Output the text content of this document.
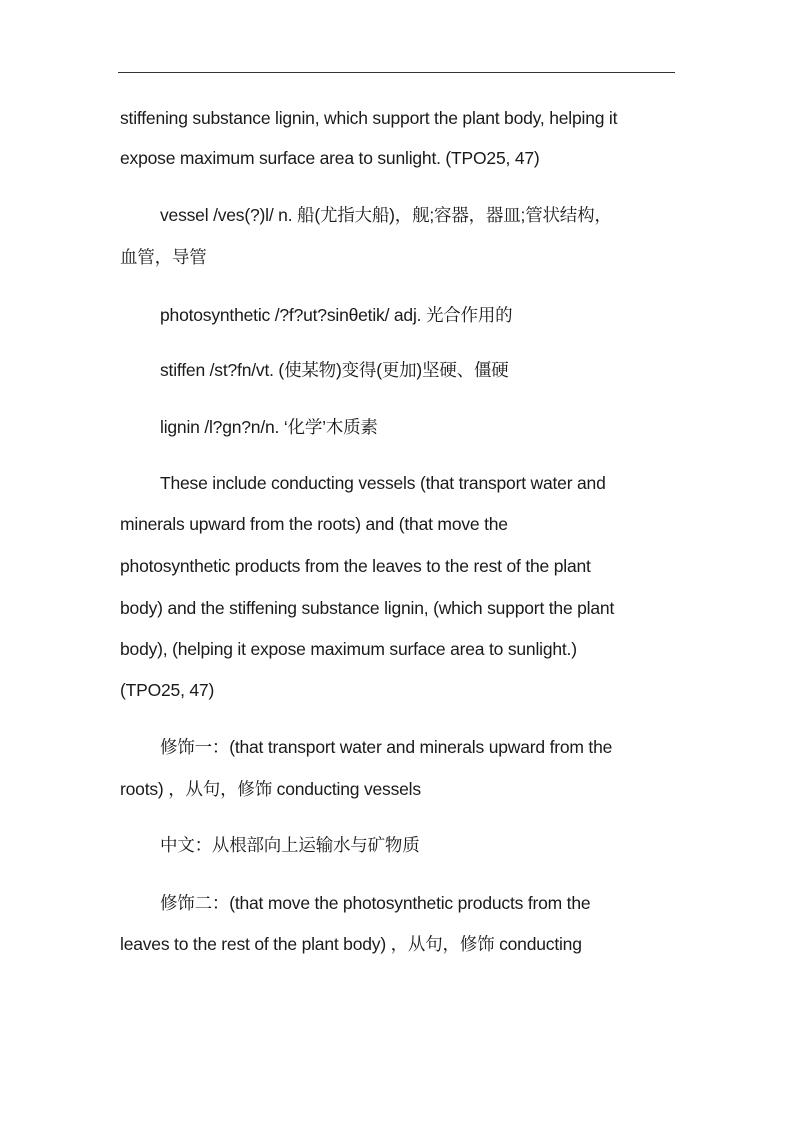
stiffening substance lignin, which support the plant body, helping it
expose maximum surface area to sunlight. (TPO25, 47)
vessel /ves(?)l/ n. 船(尤指大船)，舰;容器，器皿;管状结构，
血管，导管
photosynthetic /?f?ut?sinθetik/ adj. 光合作用的
stiffen /st?fn/vt. (使某物)变得(更加)坚硬、僵硬
lignin /l?gn?n/n. ‘化学’木质素
These include conducting vessels (that transport water and
minerals upward from the roots) and (that move the
photosynthetic products from the leaves to the rest of the plant
body) and the stiffening substance lignin, (which support the plant
body), (helping it expose maximum surface area to sunlight.)
(TPO25, 47)
修饰一：(that transport water and minerals upward from the
roots) ，从句，修饰 conducting vessels
中文：从根部向上运输水与矿物质
修饰二：(that move the photosynthetic products from the
leaves to the rest of the plant body) ，从句，修饰 conducting
